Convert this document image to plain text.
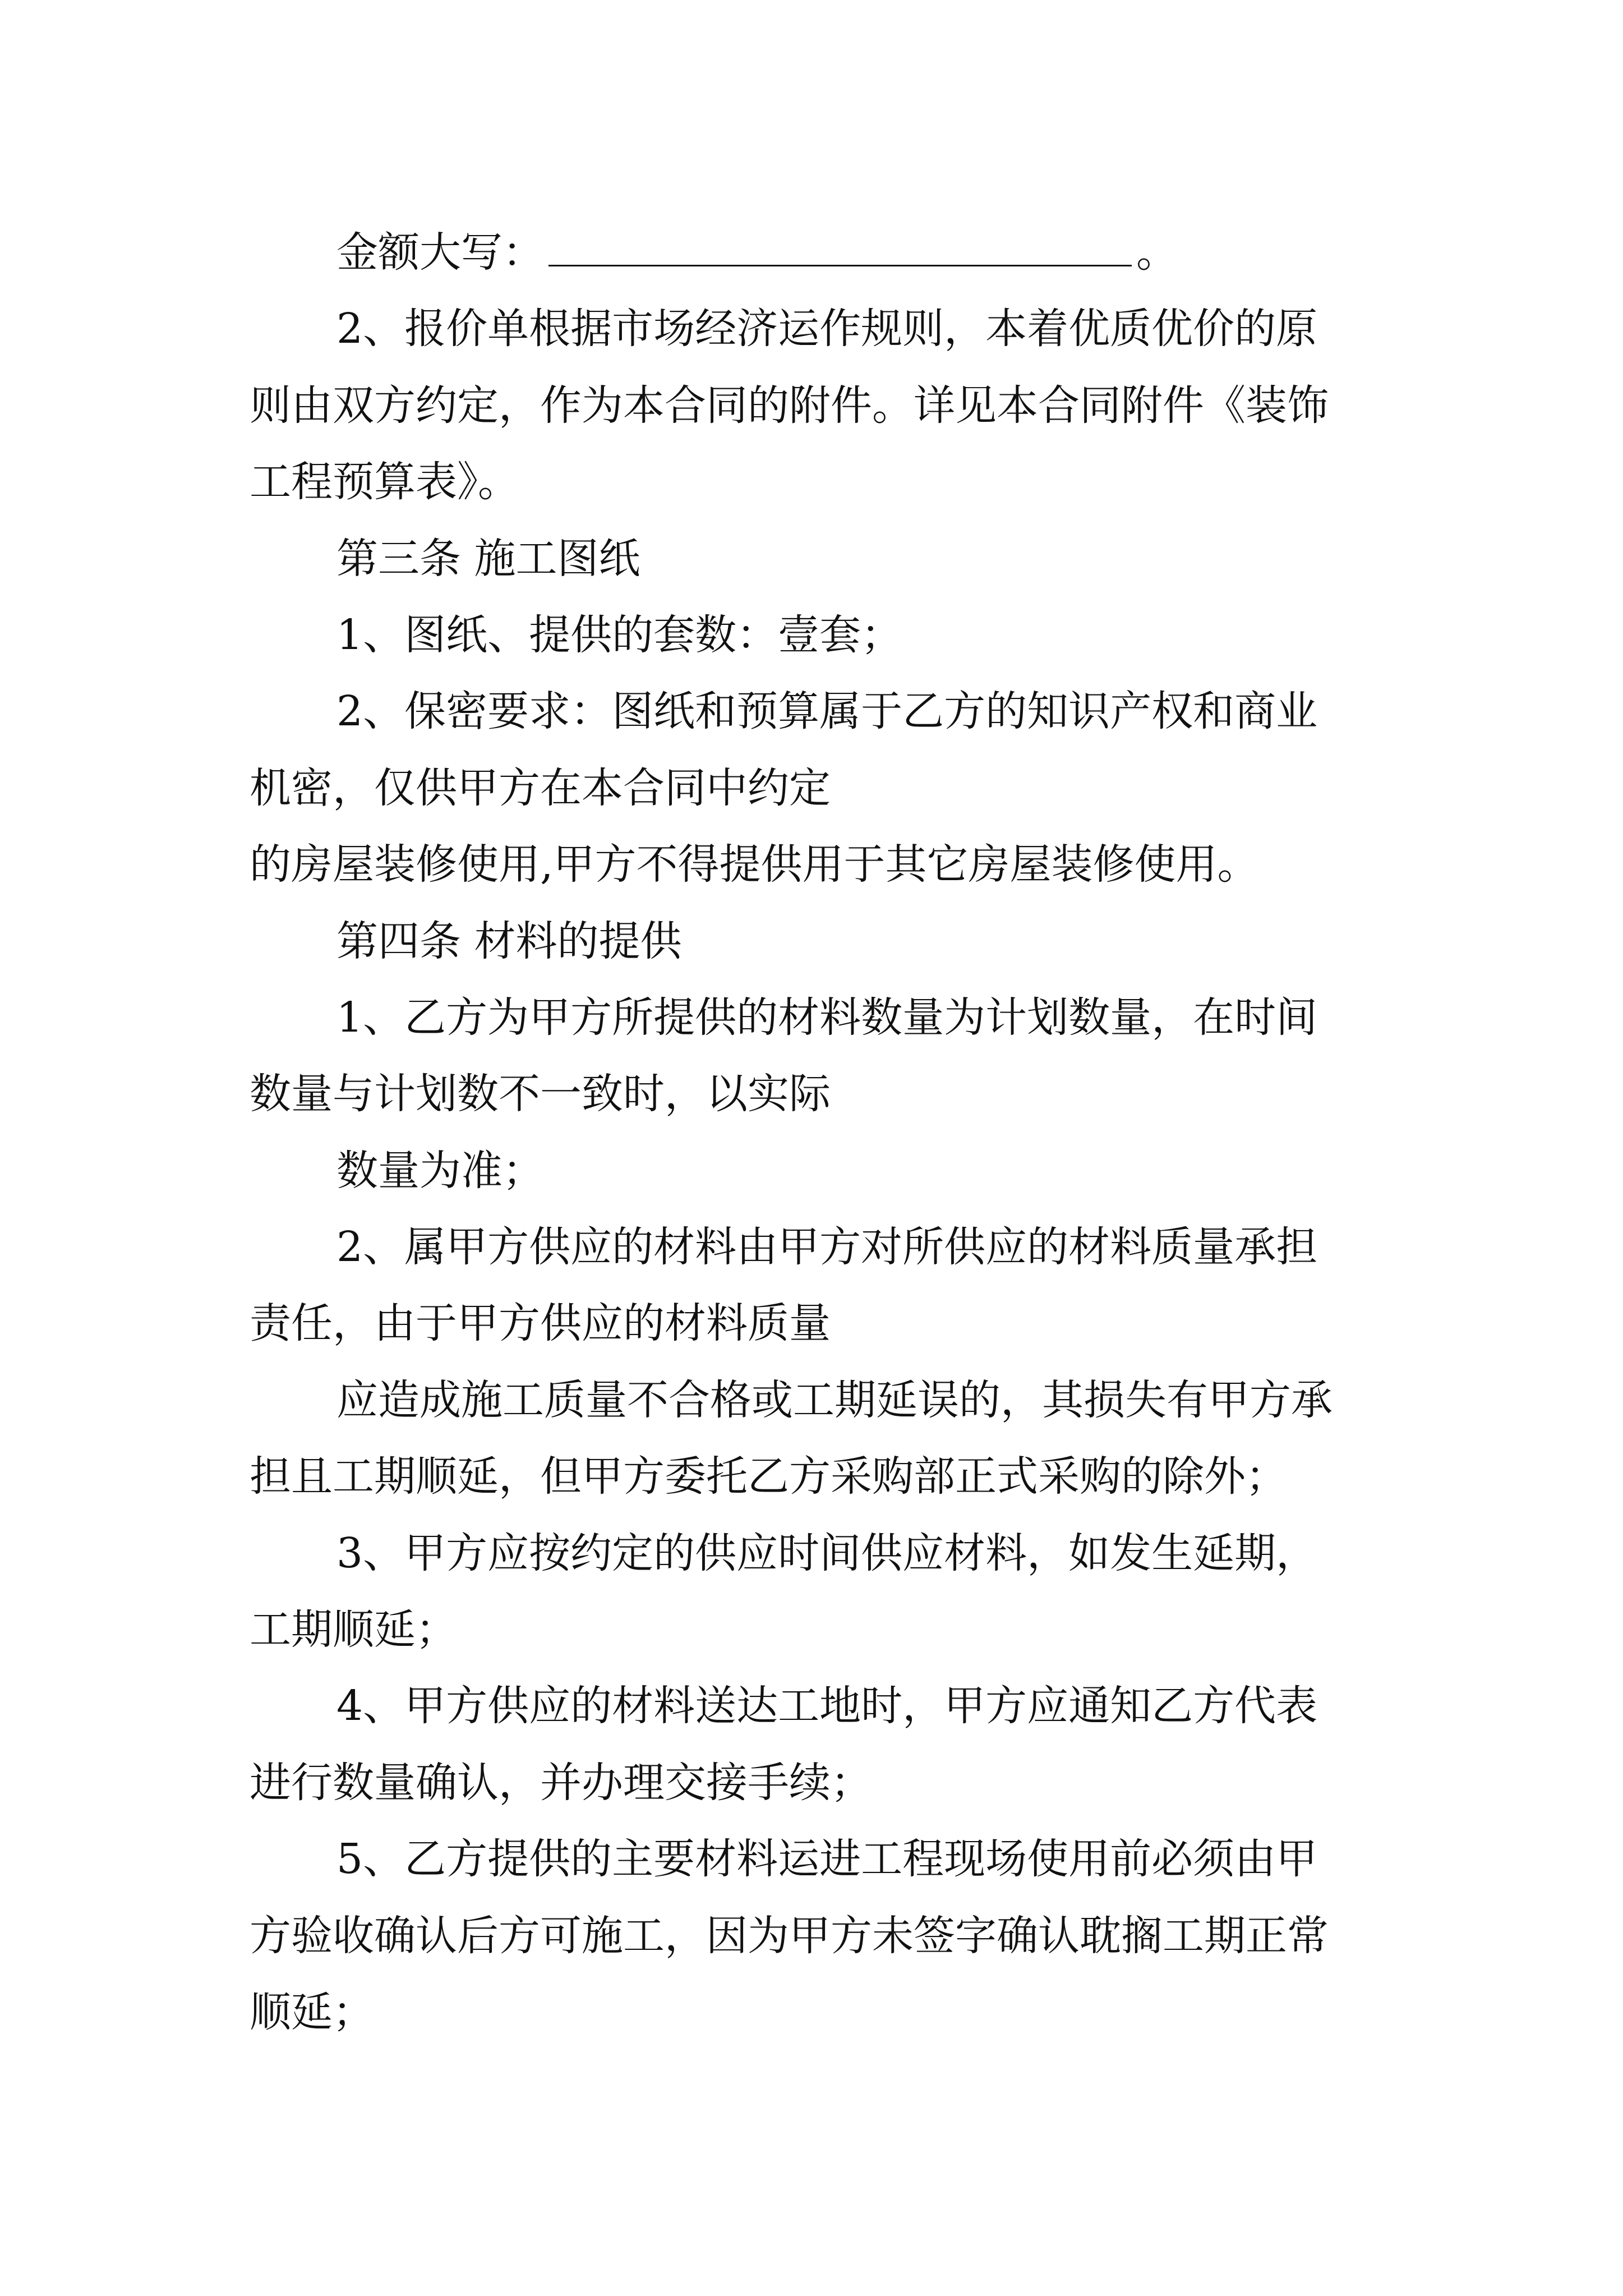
金额大写：	。
2、报价单根据市场经济运作规则，本着优质优价的原
则由双方约定，作为本合同的附件。详见本合同附件《装饰
工程预算表》。
第三条 施工图纸
1、图纸、提供的套数：壹套；
2、保密要求：图纸和预算属于乙方的知识产权和商业
机密，仅供甲方在本合同中约定
的房屋装修使用,甲方不得提供用于其它房屋装修使用。
第四条 材料的提供
1、乙方为甲方所提供的材料数量为计划数量，在时间
数量与计划数不一致时，以实际
数量为准；
2、属甲方供应的材料由甲方对所供应的材料质量承担
责任，由于甲方供应的材料质量
应造成施工质量不合格或工期延误的，其损失有甲方承
担且工期顺延，但甲方委托乙方采购部正式采购的除外；
3、甲方应按约定的供应时间供应材料，如发生延期，
工期顺延；
4、甲方供应的材料送达工地时，甲方应通知乙方代表
进行数量确认，并办理交接手续；
5、乙方提供的主要材料运进工程现场使用前必须由甲
方验收确认后方可施工，因为甲方未签字确认耽搁工期正常
顺延；
